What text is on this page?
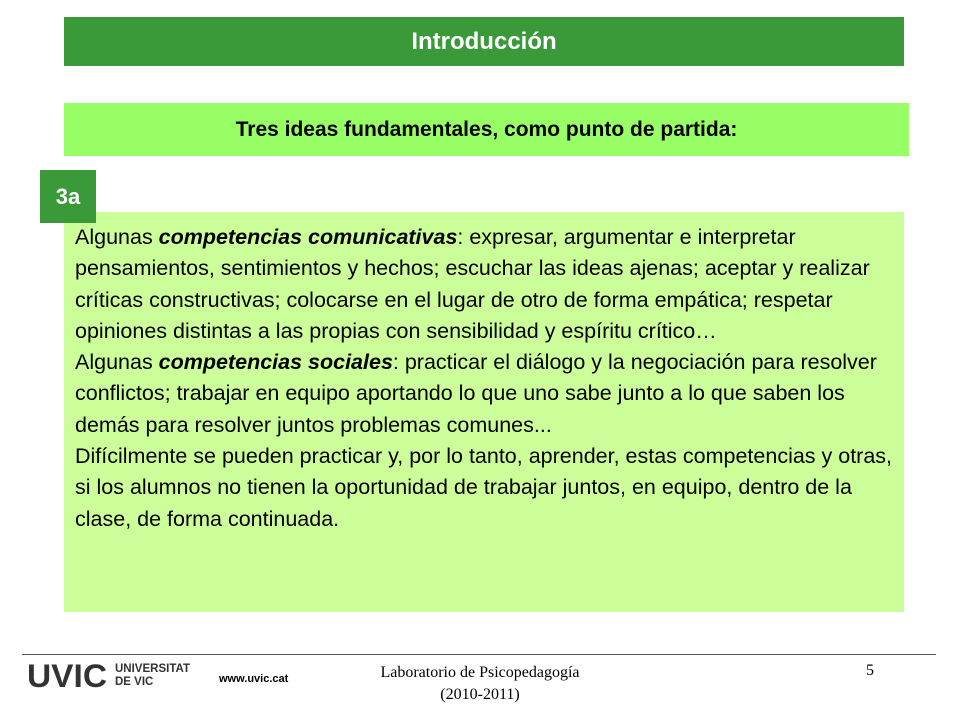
Introducción
Tres ideas fundamentales, como punto de partida:
3a
Algunas competencias comunicativas: expresar, argumentar e interpretar pensamientos, sentimientos y hechos; escuchar las ideas ajenas; aceptar y realizar críticas constructivas; colocarse en el lugar de otro de forma empática; respetar opiniones distintas a las propias con sensibilidad y espíritu crítico…
Algunas competencias sociales: practicar el diálogo y la negociación para resolver conflictos; trabajar en equipo aportando lo que uno sabe junto a lo que saben los demás para resolver juntos problemas comunes...
Difícilmente se pueden practicar y, por lo tanto, aprender, estas competencias y otras, si los alumnos no tienen la oportunidad de trabajar juntos, en equipo, dentro de la clase, de forma continuada.
UVIC UNIVERSITAT
DE VIC	www.uvic.cat	Laboratorio de Psicopedagogía
(2010-2011)
5
